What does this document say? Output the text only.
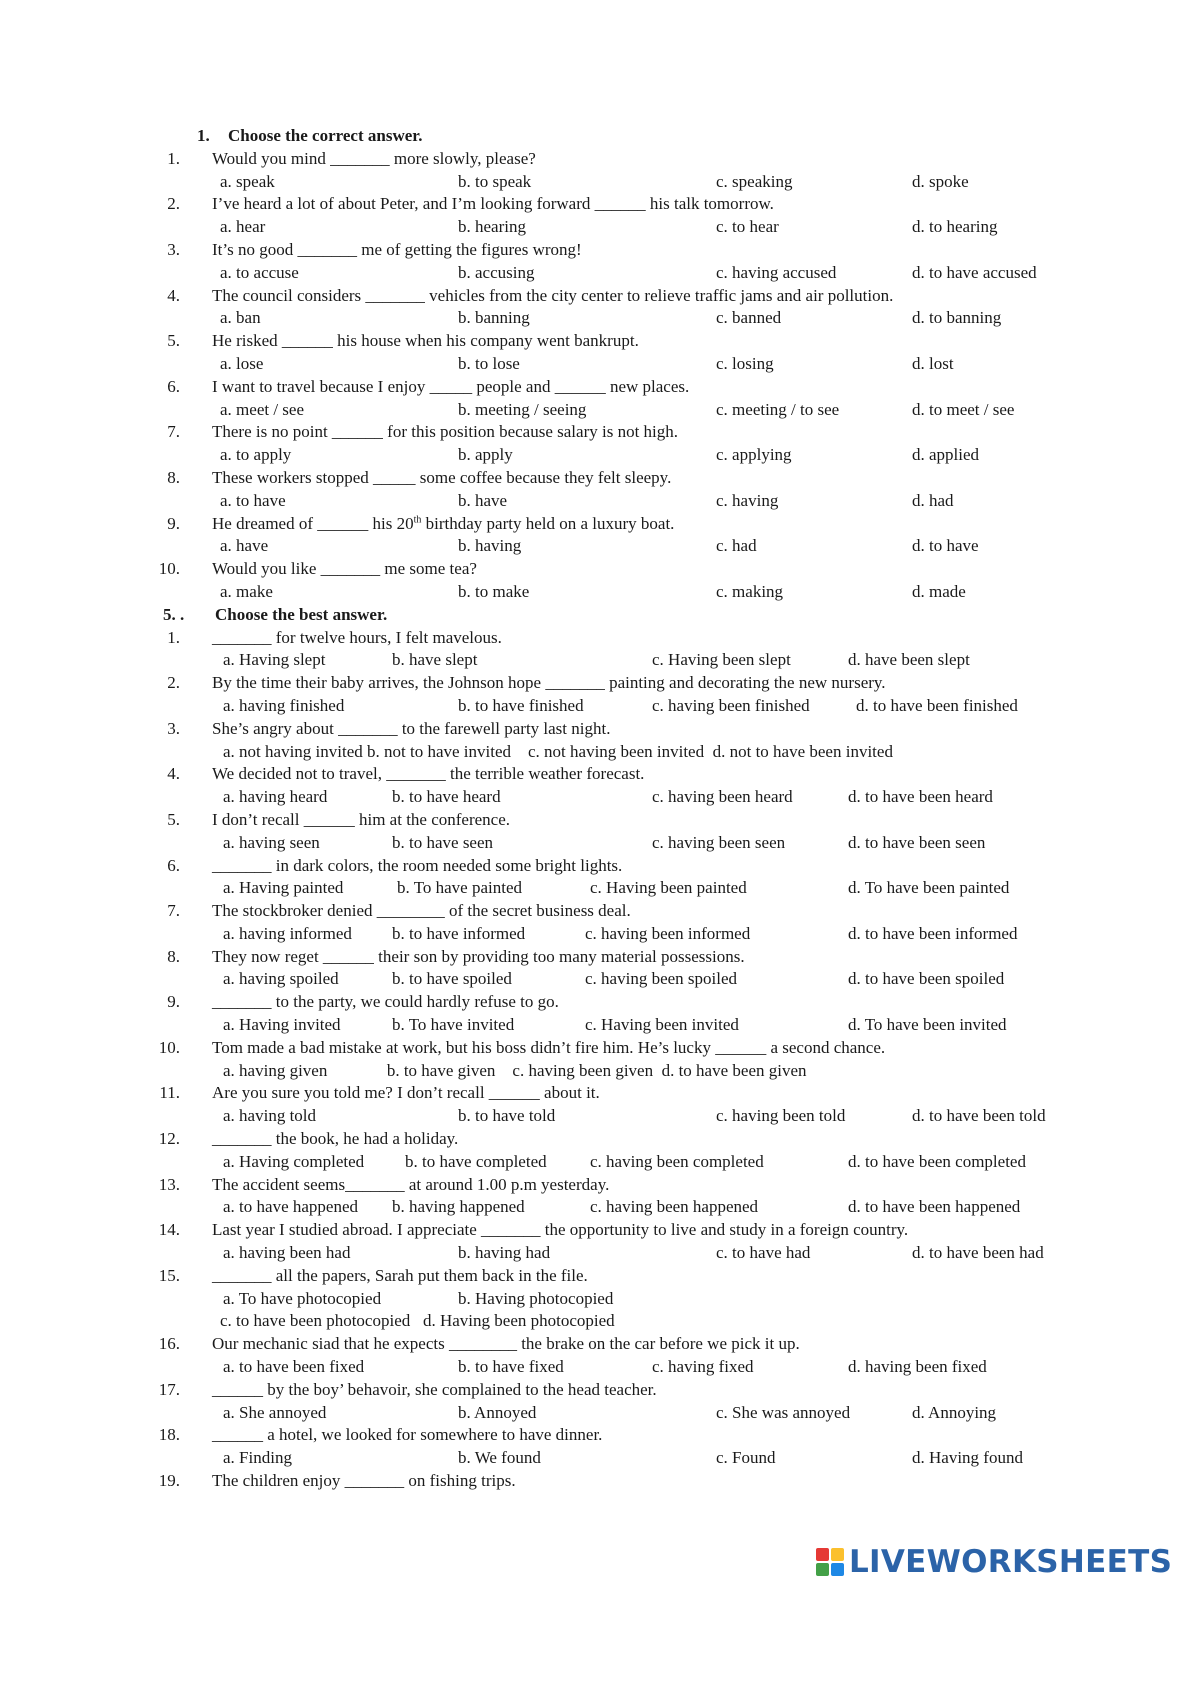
1. Choose the correct answer.
1. Would you mind _______ more slowly, please?
a. speak	b. to speak	c. speaking	d. spoke
2. I’ve heard a lot of about Peter, and I’m looking forward ______ his talk tomorrow.
a. hear	b. hearing	c. to hear	d. to hearing
3. It’s no good _______ me of getting the figures wrong!
a. to accuse	b. accusing	c. having accused	d. to have accused
4. The council considers _______ vehicles from the city center to relieve traffic jams and air pollution.
a. ban	b. banning	c. banned	d. to banning
5. He risked ______ his house when his company went bankrupt.
a. lose	b. to lose	c. losing	d. lost
6. I want to travel because I enjoy _____ people and ______ new places.
a. meet / see	b. meeting / seeing	c. meeting / to see	d. to meet / see
7. There is no point ______ for this position because salary is not high.
a. to apply	b. apply	c. applying	d. applied
8. These workers stopped _____ some coffee because they felt sleepy.
a. to have	b. have	c. having	d. had
9. He dreamed of ______ his 20th birthday party held on a luxury boat.
a. have	b. having	c. had	d. to have
10. Would you like _______ me some tea?
a. make	b. to make	c. making	d. made
5. . Choose the best answer.
1. _______ for twelve hours, I felt mavelous.
a. Having slept	b. have slept	c. Having been slept	d. have been slept
2. By the time their baby arrives, the Johnson hope _______ painting and decorating the new nursery.
a. having finished	b. to have finished	c. having been finished	d. to have been finished
3. She’s angry about _______ to the farewell party last night.
a. not having invited b. not to have invited    c. not having been invited  d. not to have been invited
4. We decided not to travel, _______ the terrible weather forecast.
a. having heard	b. to have heard	c. having been heard	d. to have been heard
5. I don’t recall ______ him at the conference.
a. having seen	b. to have seen	c. having been seen	d. to have been seen
6. _______ in dark colors, the room needed some bright lights.
a. Having painted	b. To have painted	c. Having been painted	d. To have been painted
7. The stockbroker denied ________ of the secret business deal.
a. having informed b. to have informed	c. having been informed	d. to have been informed
8. They now reget ______ their son by providing too many material possessions.
a. having spoiled	b. to have spoiled	c. having been spoiled	d. to have been spoiled
9. _______ to the party, we could hardly refuse to go.
a. Having invited	b. To have invited	c. Having been invited	d. To have been invited
10. Tom made a bad mistake at work, but his boss didn’t fire him. He’s lucky ______ a second chance.
a. having given              b. to have given    c. having been given  d. to have been given
11. Are you sure you told me? I don’t recall ______ about it.
a. having told	b. to have told	c. having been told	d. to have been told
12. _______ the book, he had a holiday.
a. Having completed b. to have completed	c. having been completed	d. to have been completed
13. The accident seems_______ at around 1.00 p.m yesterday.
a. to have happened b. having happened	c. having been happened	d. to have been happened
14. Last year I studied abroad. I appreciate _______ the opportunity to live and study in a foreign country.
a. having been had	b. having had	c. to have had	d. to have been had
15. _______ all the papers, Sarah put them back in the file.
a. To have photocopied	b. Having photocopied
c. to have been photocopied   d. Having been photocopied
16. Our mechanic siad that he expects ________ the brake on the car before we pick it up.
a. to have been fixed	b. to have fixed	c. having fixed	d. having been fixed
17. ______ by the boy’ behavoir, she complained to the head teacher.
a. She annoyed	b. Annoyed	c. She was annoyed	d. Annoying
18. ______ a hotel, we looked for somewhere to have dinner.
a. Finding	b. We found	c. Found	d. Having found
19. The children enjoy _______ on fishing trips.
LIVEWORKSHEETS
